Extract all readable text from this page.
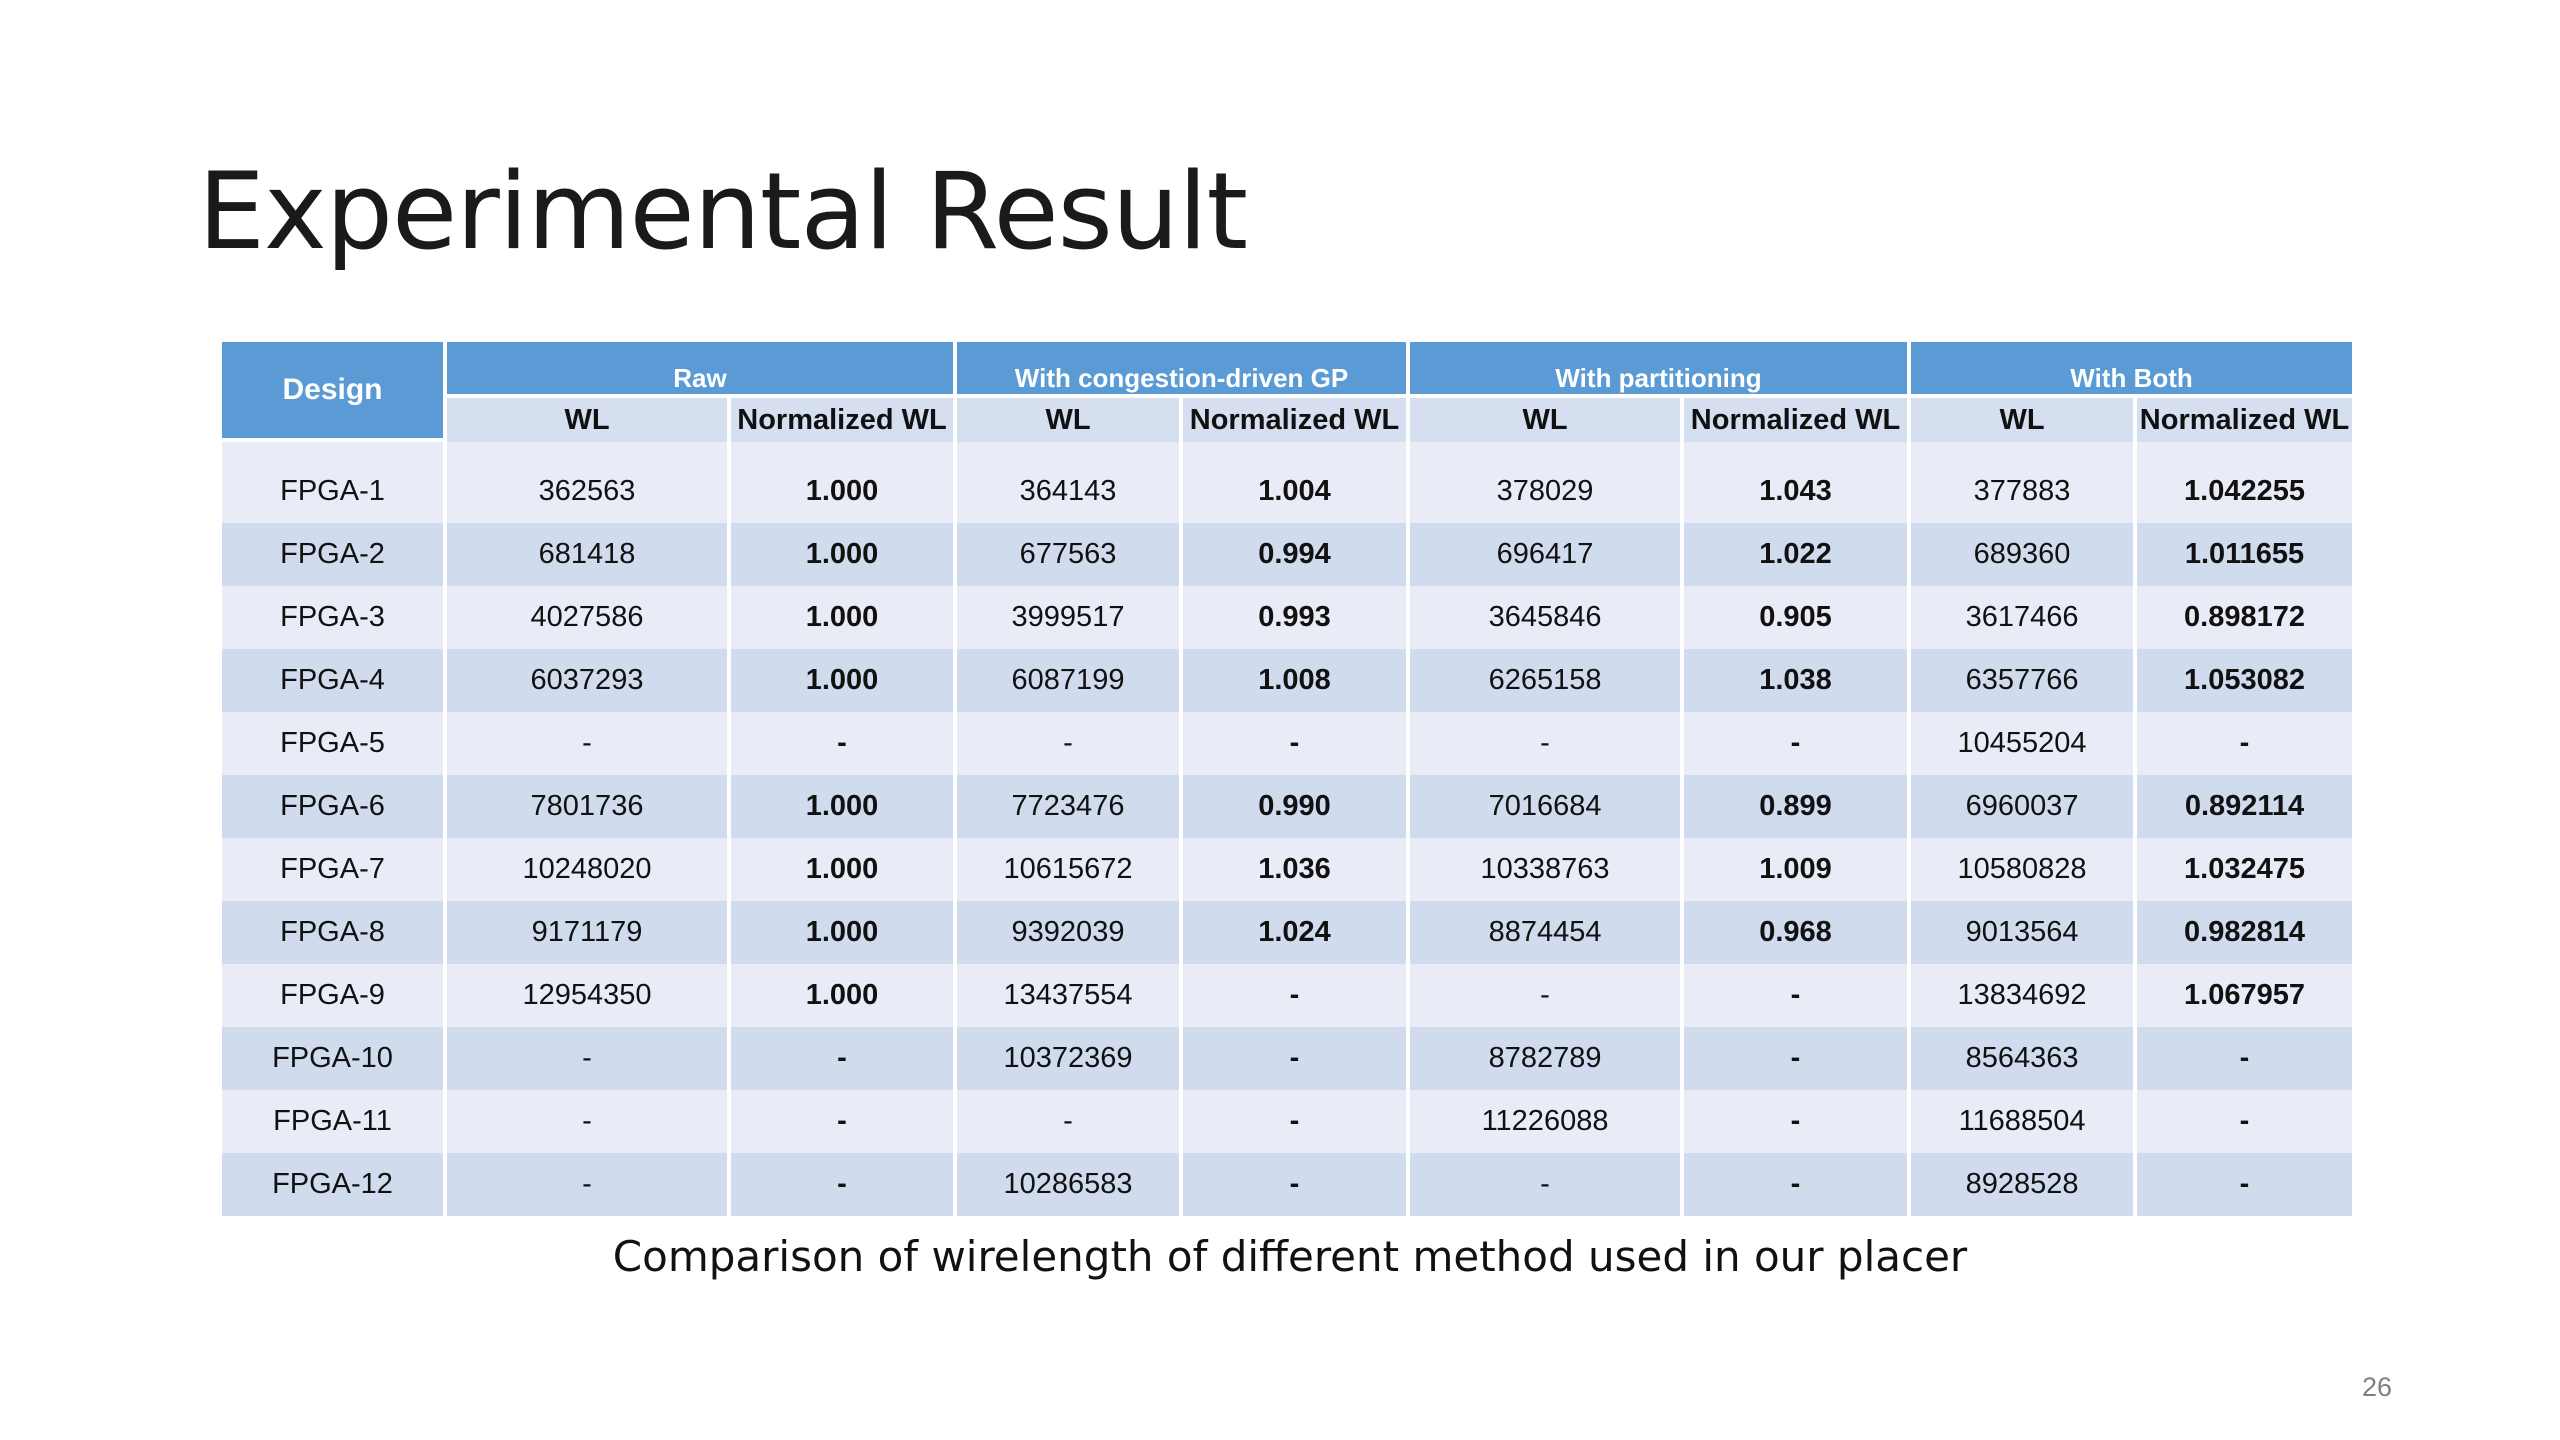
Experimental Result
Design	Raw		With congestion-driven GP		With partitioning		With Both	
	WL	Normalized WL	WL	Normalized WL	WL	Normalized WL	WL	Normalized WL

FPGA-1	362563	1.000	364143	1.004	378029	1.043	377883	1.042255
FPGA-2	681418	1.000	677563	0.994	696417	1.022	689360	1.011655
FPGA-3	4027586	1.000	3999517	0.993	3645846	0.905	3617466	0.898172
FPGA-4	6037293	1.000	6087199	1.008	6265158	1.038	6357766	1.053082
FPGA-5	-	-	-	-	-	-	10455204	-
FPGA-6	7801736	1.000	7723476	0.990	7016684	0.899	6960037	0.892114
FPGA-7	10248020	1.000	10615672	1.036	10338763	1.009	10580828	1.032475
FPGA-8	9171179	1.000	9392039	1.024	8874454	0.968	9013564	0.982814
FPGA-9	12954350	1.000	13437554	-	-	-	13834692	1.067957
FPGA-10	-	-	10372369	-	8782789	-	8564363	-
FPGA-11	-	-	-	-	11226088	-	11688504	-
FPGA-12	-	-	10286583	-	-	-	8928528	-
Comparison of wirelength of different method used in our placer
26
